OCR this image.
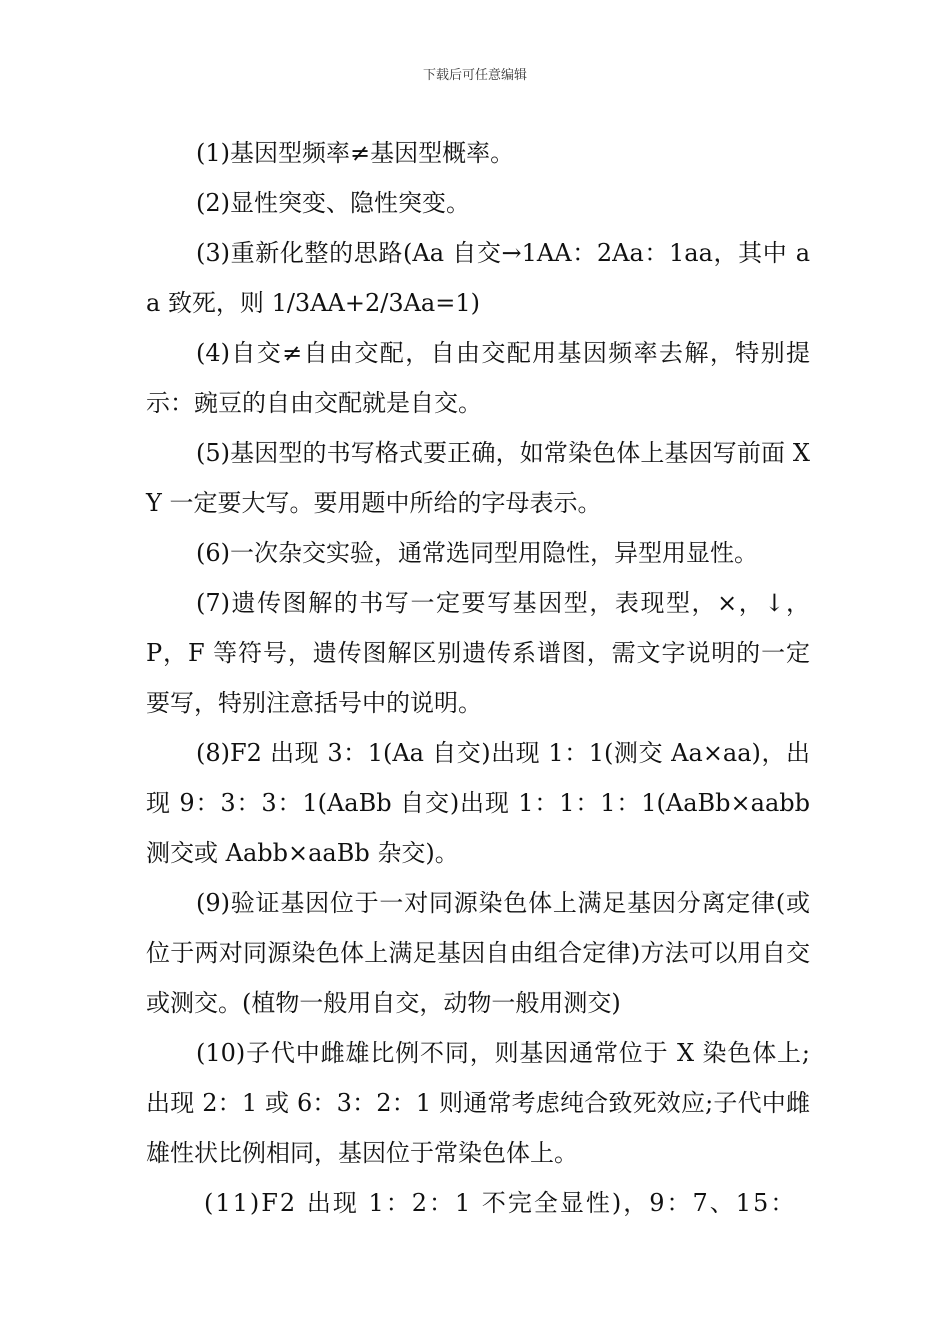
下载后可任意编辑

(1)基因型频率≠基因型概率。

(2)显性突变、隐性突变。

(3)重新化整的思路(Aa 自交→1AA：2Aa：1aa，其中 aa 致死，则 1/3AA+2/3Aa=1)

(4)自交≠自由交配，自由交配用基因频率去解，特别提示：豌豆的自由交配就是自交。

(5)基因型的书写格式要正确，如常染色体上基因写前面 XY 一定要大写。要用题中所给的字母表示。

(6)一次杂交实验，通常选同型用隐性，异型用显性。

(7)遗传图解的书写一定要写基因型，表现型，×，↓，P，F 等符号，遗传图解区别遗传系谱图，需文字说明的一定要写，特别注意括号中的说明。

(8)F2 出现 3：1(Aa 自交)出现 1：1(测交 Aa×aa)，出现 9：3：3：1(AaBb 自交)出现 1：1：1：1(AaBb×aabb 测交或 Aabb×aaBb 杂交)。

(9)验证基因位于一对同源染色体上满足基因分离定律(或位于两对同源染色体上满足基因自由组合定律)方法可以用自交或测交。(植物一般用自交，动物一般用测交)

(10)子代中雌雄比例不同，则基因通常位于 X 染色体上;出现 2：1 或 6：3：2：1 则通常考虑纯合致死效应;子代中雌雄性状比例相同，基因位于常染色体上。

(11)F2 出现 1：2：1 不完全显性)，9：7、15：
